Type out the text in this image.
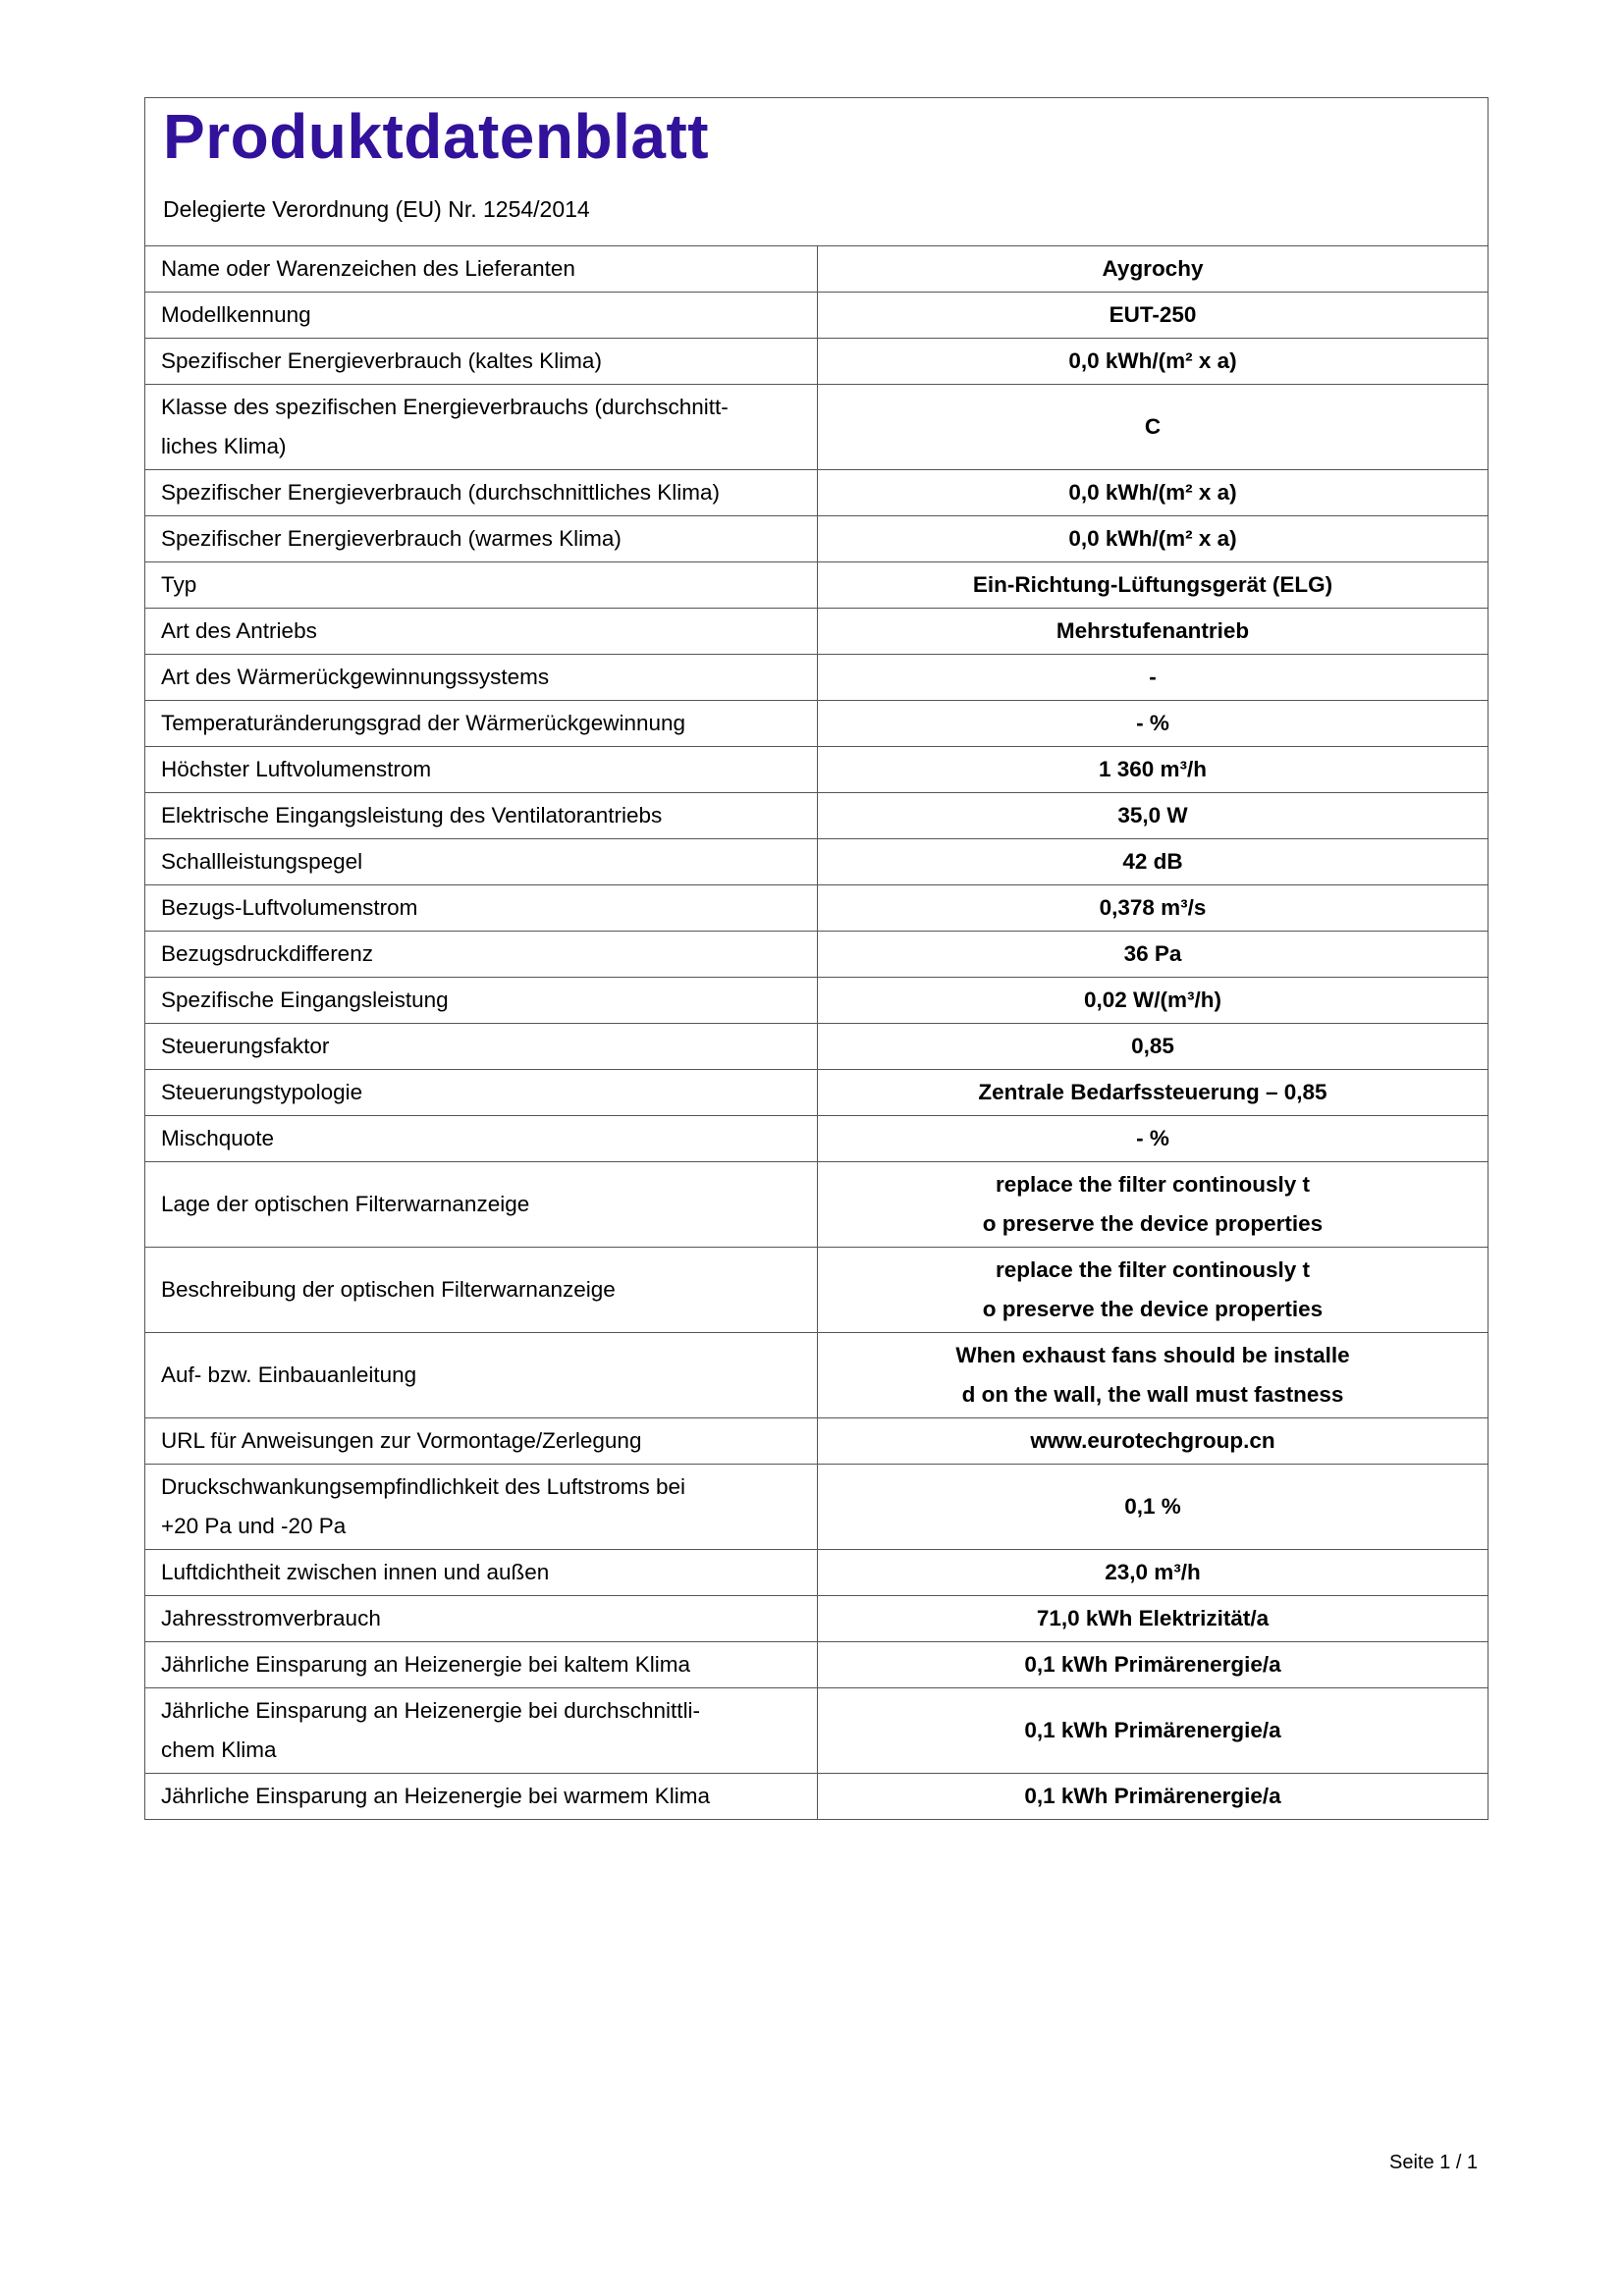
Produktdatenblatt
Delegierte Verordnung (EU) Nr. 1254/2014
Name oder Warenzeichen des Lieferanten	Aygrochy
Modellkennung	EUT-250
Spezifischer Energieverbrauch (kaltes Klima)	0,0 kWh/(m² x a)
Klasse des spezifischen Energieverbrauchs (durchschnitt-
liches Klima)	C
Spezifischer Energieverbrauch (durchschnittliches Klima)	0,0 kWh/(m² x a)
Spezifischer Energieverbrauch (warmes Klima)	0,0 kWh/(m² x a)
Typ	Ein-Richtung-Lüftungsgerät (ELG)
Art des Antriebs	Mehrstufenantrieb
Art des Wärmerückgewinnungssystems	-
Temperaturänderungsgrad der Wärmerückgewinnung	- %
Höchster Luftvolumenstrom	1 360 m³/h
Elektrische Eingangsleistung des Ventilatorantriebs	35,0 W
Schallleistungspegel	42 dB
Bezugs-Luftvolumenstrom	0,378 m³/s
Bezugsdruckdifferenz	36 Pa
Spezifische Eingangsleistung	0,02 W/(m³/h)
Steuerungsfaktor	0,85
Steuerungstypologie	Zentrale Bedarfssteuerung – 0,85
Mischquote	- %
Lage der optischen Filterwarnanzeige	replace the filter continously t
o preserve the device properties
Beschreibung der optischen Filterwarnanzeige	replace the filter continously t
o preserve the device properties
Auf- bzw. Einbauanleitung	When exhaust fans should be installe
d on the wall, the wall must fastness
URL für Anweisungen zur Vormontage/Zerlegung	www.eurotechgroup.cn
Druckschwankungsempfindlichkeit des Luftstroms bei
+20 Pa und -20 Pa	0,1 %
Luftdichtheit zwischen innen und außen	23,0 m³/h
Jahresstromverbrauch	71,0 kWh Elektrizität/a
Jährliche Einsparung an Heizenergie bei kaltem Klima	0,1 kWh Primärenergie/a
Jährliche Einsparung an Heizenergie bei durchschnittli-
chem Klima	0,1 kWh Primärenergie/a
Jährliche Einsparung an Heizenergie bei warmem Klima	0,1 kWh Primärenergie/a
Seite 1 / 1
